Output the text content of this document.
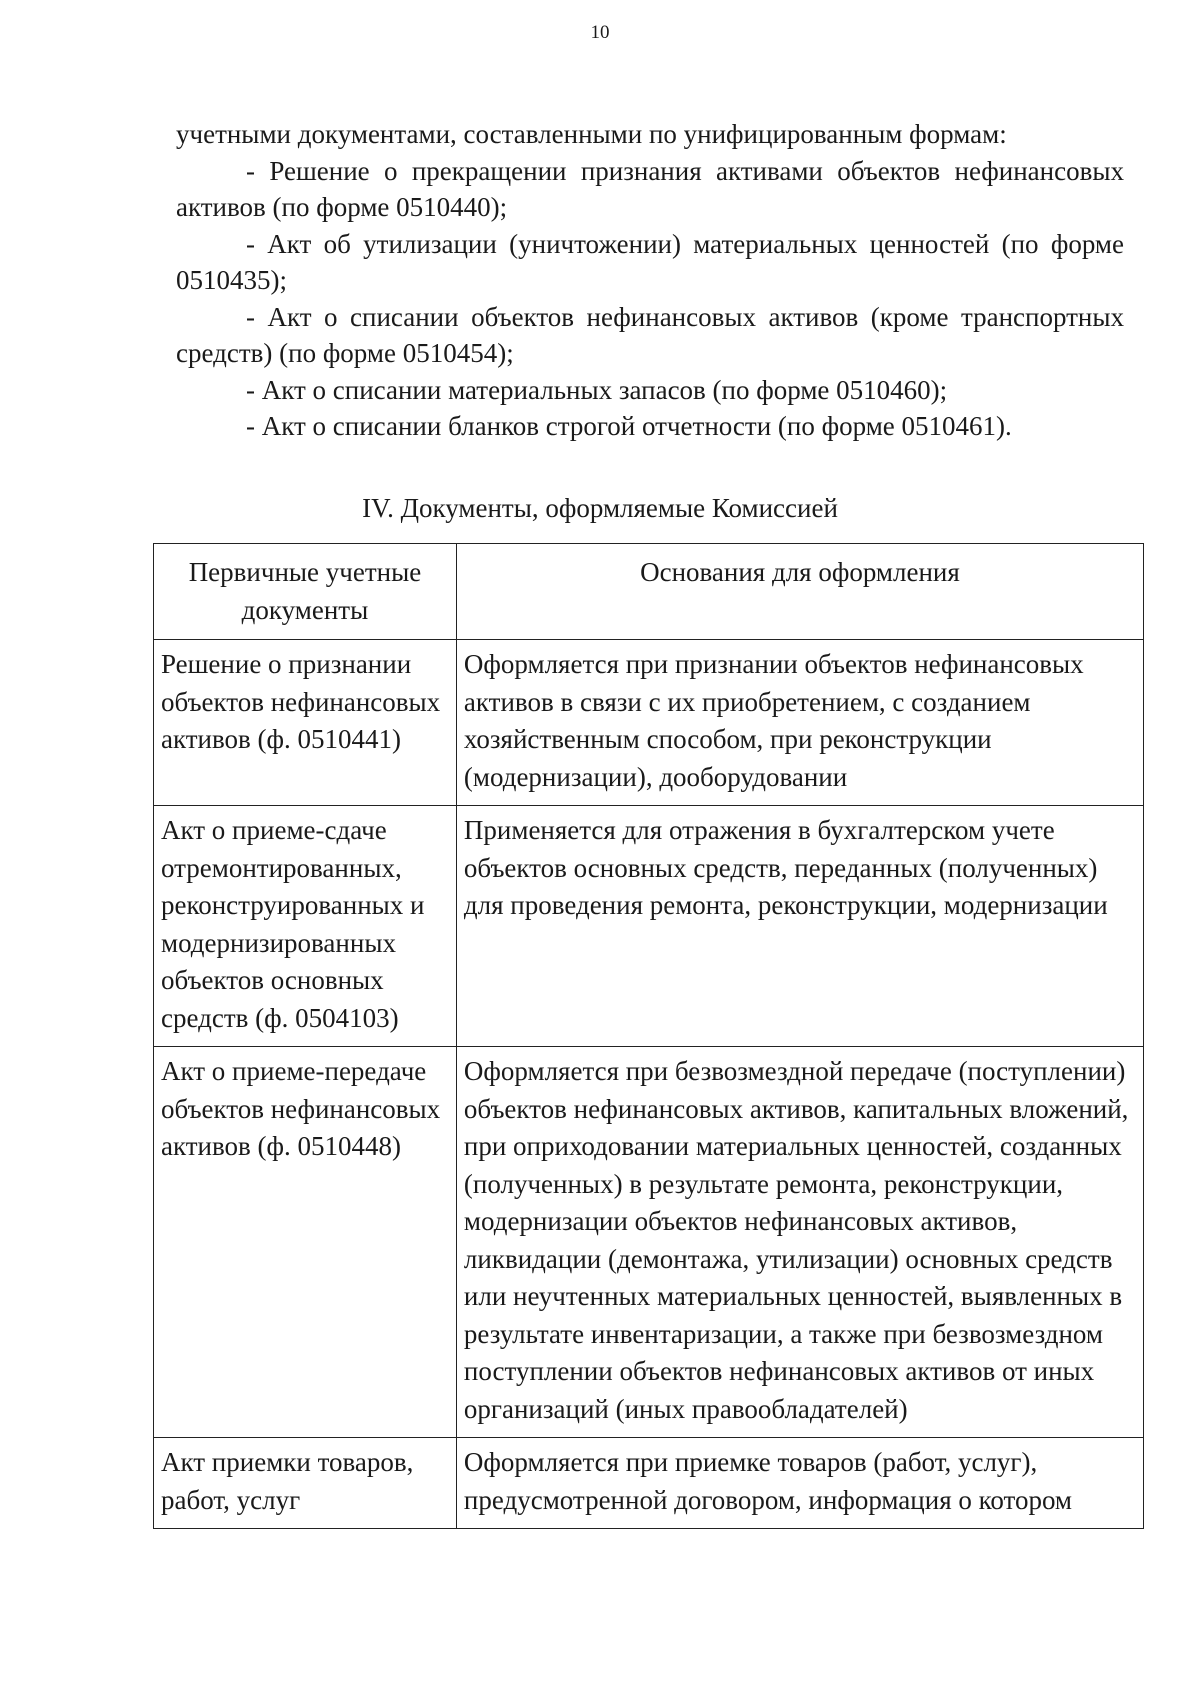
10

учетными документами, составленными по унифицированным формам:

- Решение о прекращении признания активами объектов нефинансовых активов (по форме 0510440);

- Акт об утилизации (уничтожении) материальных ценностей (по форме 0510435);

- Акт о списании объектов нефинансовых активов (кроме транспортных средств) (по форме 0510454);

- Акт о списании материальных запасов (по форме 0510460);

- Акт о списании бланков строгой отчетности (по форме 0510461).

IV. Документы, оформляемые Комиссией
Первичные учетные документы	Основания для оформления
Решение о признании объектов нефинансовых активов (ф. 0510441)	Оформляется при признании объектов нефинансовых активов в связи с их приобретением, с созданием хозяйственным способом, при реконструкции (модернизации), дооборудовании
Акт о приеме-сдаче отремонтированных, реконструированных и модернизированных объектов основных средств (ф. 0504103)	Применяется для отражения в бухгалтерском учете объектов основных средств, переданных (полученных) для проведения ремонта, реконструкции, модернизации
Акт о приеме-передаче объектов нефинансовых активов (ф. 0510448)	Оформляется при безвозмездной передаче (поступлении) объектов нефинансовых активов, капитальных вложений, при оприходовании материальных ценностей, созданных (полученных) в результате ремонта, реконструкции, модернизации объектов нефинансовых активов, ликвидации (демонтажа, утилизации) основных средств или неучтенных материальных ценностей, выявленных в результате инвентаризации, а также при безвозмездном поступлении объектов нефинансовых активов от иных организаций (иных правообладателей)
Акт приемки товаров, работ, услуг	Оформляется при приемке товаров (работ, услуг), предусмотренной договором, информация о котором
